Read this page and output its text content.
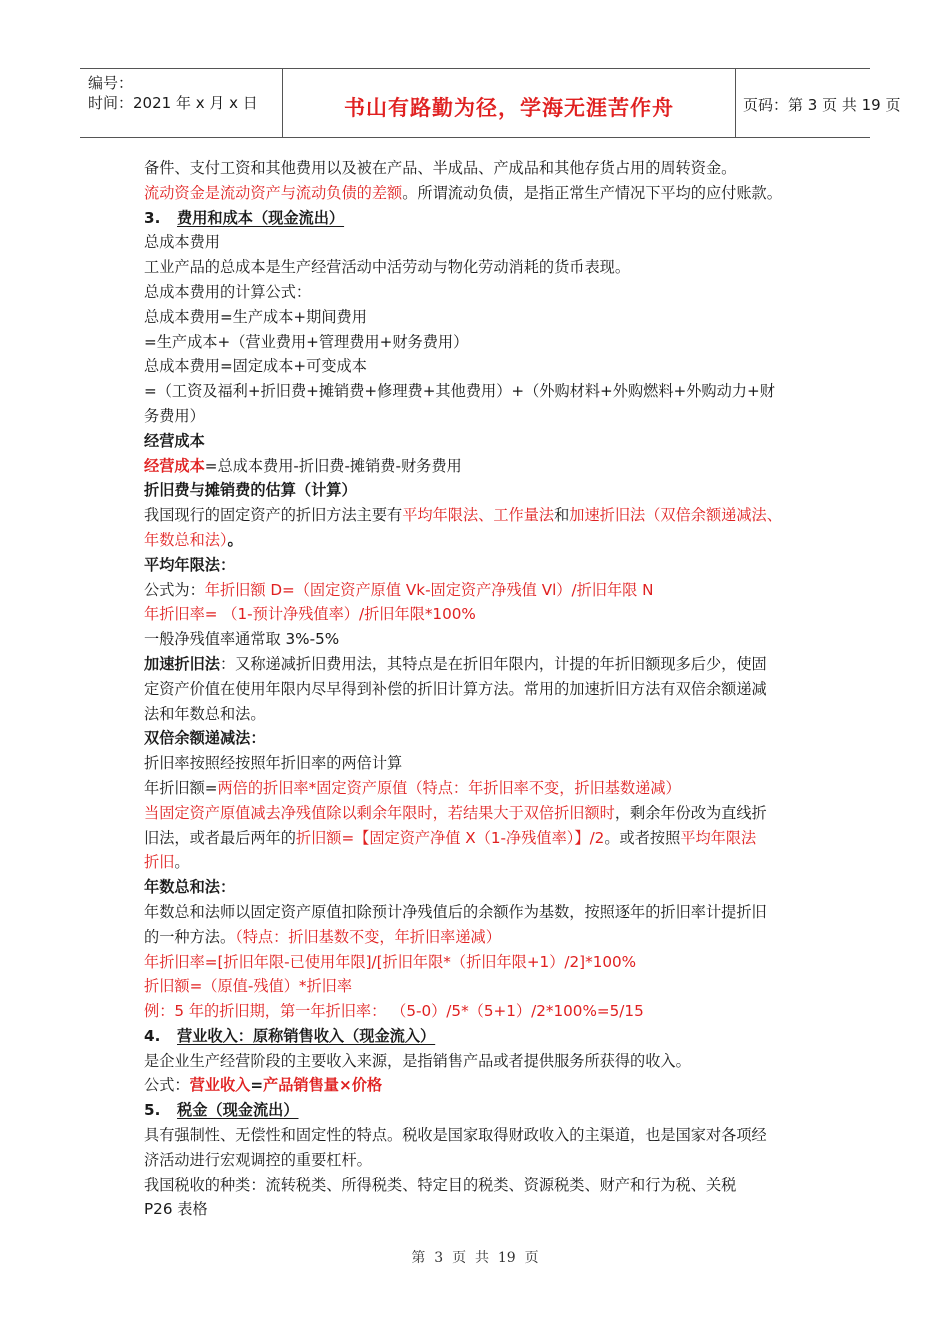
编号：
时间：2021 年 x 月 x 日	书山有路勤为径，学海无涯苦作舟	页码：第 3 页 共 19 页
备件、支付工资和其他费用以及被在产品、半成品、产成品和其他存货占用的周转资金。
流动资金是流动资产与流动负债的差额。所谓流动负债，是指正常生产情况下平均的应付账款。
3. 费用和成本（现金流出）
总成本费用
工业产品的总成本是生产经营活动中活劳动与物化劳动消耗的货币表现。
总成本费用的计算公式：
总成本费用=生产成本+期间费用
=生产成本+（营业费用+管理费用+财务费用）
总成本费用=固定成本+可变成本
=（工资及福利+折旧费+摊销费+修理费+其他费用）+（外购材料+外购燃料+外购动力+财
务费用）
经营成本
经营成本=总成本费用-折旧费-摊销费-财务费用
折旧费与摊销费的估算（计算）
我国现行的固定资产的折旧方法主要有平均年限法、工作量法和加速折旧法（双倍余额递减法、
年数总和法）。
平均年限法：
公式为：年折旧额 D=（固定资产原值 Vk-固定资产净残值 Vl）/折旧年限 N
年折旧率= （1-预计净残值率）/折旧年限*100%
一般净残值率通常取 3%-5%
加速折旧法：又称递减折旧费用法，其特点是在折旧年限内，计提的年折旧额现多后少，使固
定资产价值在使用年限内尽早得到补偿的折旧计算方法。常用的加速折旧方法有双倍余额递减
法和年数总和法。
双倍余额递减法：
折旧率按照经按照年折旧率的两倍计算
年折旧额=两倍的折旧率*固定资产原值（特点：年折旧率不变，折旧基数递减）
当固定资产原值减去净残值除以剩余年限时，若结果大于双倍折旧额时，剩余年份改为直线折
旧法，或者最后两年的折旧额=【固定资产净值 X（1-净残值率）】/2。或者按照平均年限法
折旧。
年数总和法：
年数总和法师以固定资产原值扣除预计净残值后的余额作为基数，按照逐年的折旧率计提折旧
的一种方法。（特点：折旧基数不变，年折旧率递减）
年折旧率=[折旧年限-已使用年限]/[折旧年限*（折旧年限+1）/2]*100%
折旧额=（原值-残值）*折旧率
例：5 年的折旧期，第一年折旧率： （5-0）/5*（5+1）/2*100%=5/15
4. 营业收入：原称销售收入（现金流入）
是企业生产经营阶段的主要收入来源，是指销售产品或者提供服务所获得的收入。
公式：营业收入=产品销售量×价格
5. 税金（现金流出）
具有强制性、无偿性和固定性的特点。税收是国家取得财政收入的主渠道，也是国家对各项经
济活动进行宏观调控的重要杠杆。
我国税收的种类：流转税类、所得税类、特定目的税类、资源税类、财产和行为税、关税
P26 表格
第  3  页  共  19  页
